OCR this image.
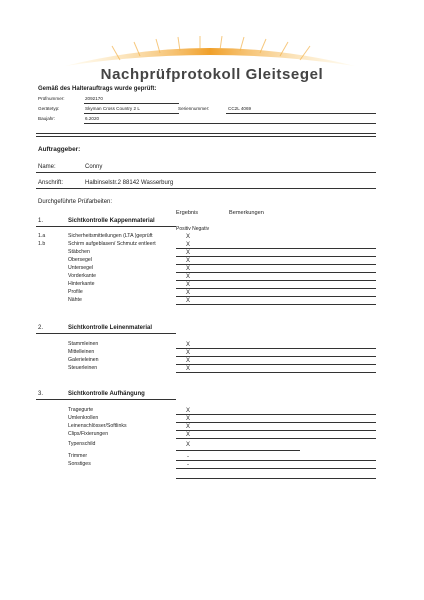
Nachprüfprotokoll Gleitsegel
Gemäß des Halterauftrags wurde geprüft:
Prüfnummer:	2092170
Gerätetyp:	Skyman Cross Country 2 L	Seriennummer:	CC2L 4069
Baujahr:	6.2020
Auftraggeber:
Name:	Conny
Anschrift:	Halbinselstr.2 88142 Wasserburg
Durchgeführte Prüfarbeiten:
Ergebnis	Bemerkungen
1.	Sichtkontrolle Kappenmaterial
Positiv Negativ
1.a	Sicherheitsmitteilungen (LTA )geprüft	X
1.b	Schirm aufgeblasen/ Schmutz entleert	X
Stäbchen	X
Obersegel	X
Untersegel	X
Vorderkante	X
Hinterkante	X
Profile	X
Nähte	X
2.	Sichtkontrolle Leinenmaterial
Stammleinen	X
Mittelleinen	X
Galerieleinen	X
Steuerleinen	X
3.	Sichtkontrolle Aufhängung
Tragegurte	X
Umlenkrollen	X
Leinenschlösser/Softlinks	X
Clips/Fixierungen	X
Typenschild	X
Trimmer	-
Sonstiges	-
